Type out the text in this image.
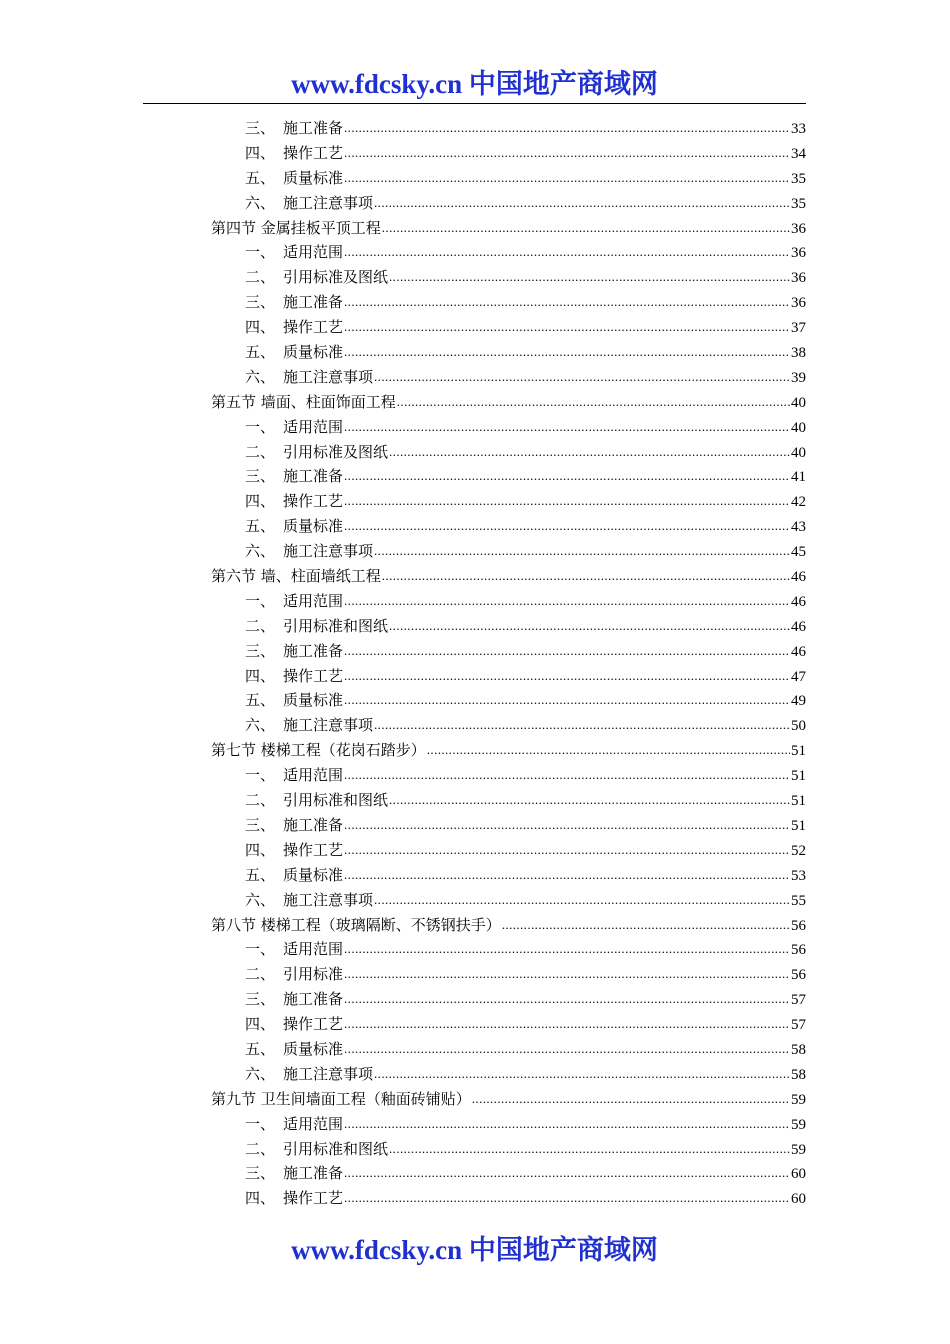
www.fdcsky.cn 中国地产商域网
三、 施工准备 .....	33
四、 操作工艺 .....	34
五、 质量标准 .....	35
六、 施工注意事项 .....	35
第四节 金属挂板平顶工程 .....	36
一、 适用范围 .....	36
二、 引用标准及图纸 .....	36
三、 施工准备 .....	36
四、 操作工艺 .....	37
五、 质量标准 .....	38
六、 施工注意事项 .....	39
第五节 墙面、柱面饰面工程 .....	40
一、 适用范围 .....	40
二、 引用标准及图纸 .....	40
三、 施工准备 .....	41
四、 操作工艺 .....	42
五、 质量标准 .....	43
六、 施工注意事项 .....	45
第六节 墙、柱面墙纸工程 .....	46
一、 适用范围 .....	46
二、 引用标准和图纸 .....	46
三、 施工准备 .....	46
四、 操作工艺 .....	47
五、 质量标准 .....	49
六、 施工注意事项 .....	50
第七节 楼梯工程（花岗石踏步） .....	51
一、 适用范围 .....	51
二、 引用标准和图纸 .....	51
三、 施工准备 .....	51
四、 操作工艺 .....	52
五、 质量标准 .....	53
六、 施工注意事项 .....	55
第八节 楼梯工程（玻璃隔断、不锈钢扶手） .....	56
一、 适用范围 .....	56
二、 引用标准 .....	56
三、 施工准备 .....	57
四、 操作工艺 .....	57
五、 质量标准 .....	58
六、 施工注意事项 .....	58
第九节 卫生间墙面工程（釉面砖铺贴） .....	59
一、 适用范围 .....	59
二、 引用标准和图纸 .....	59
三、 施工准备 .....	60
四、 操作工艺 .....	60
www.fdcsky.cn 中国地产商域网
